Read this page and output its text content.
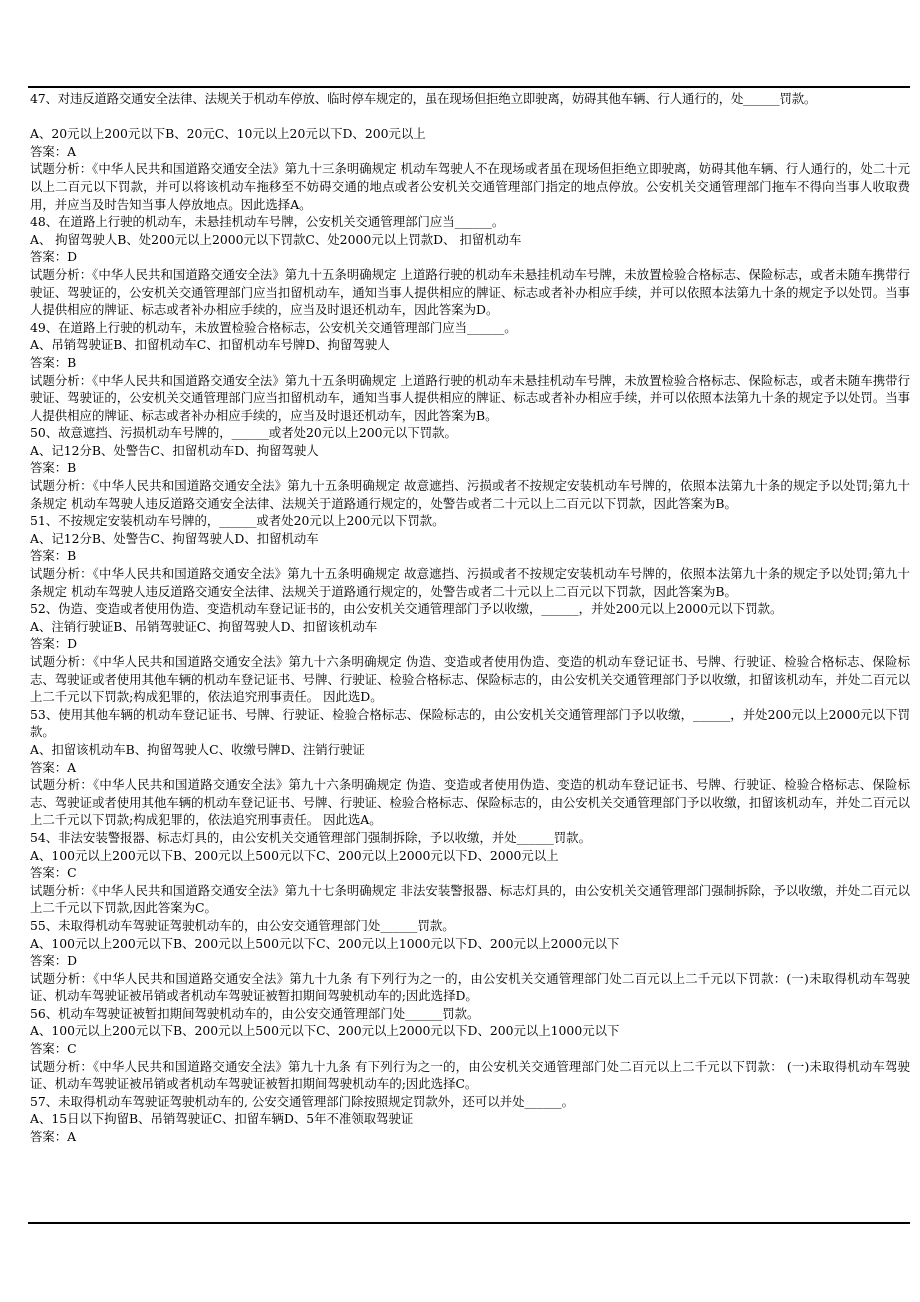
47、对违反道路交通安全法律、法规关于机动车停放、临时停车规定的，虽在现场但拒绝立即驶离，妨碍其他车辆、行人通行的，处______罚款。

A、20元以上200元以下B、20元C、10元以上20元以下D、200元以上

答案：A

试题分析：《中华人民共和国道路交通安全法》第九十三条明确规定 机动车驾驶人不在现场或者虽在现场但拒绝立即驶离，妨碍其他车辆、行人通行的，处二十元以上二百元以下罚款，并可以将该机动车拖移至不妨碍交通的地点或者公安机关交通管理部门指定的地点停放。公安机关交通管理部门拖车不得向当事人收取费用，并应当及时告知当事人停放地点。因此选择A。

48、在道路上行驶的机动车，未悬挂机动车号牌，公安机关交通管理部门应当______。

A、 拘留驾驶人B、处200元以上2000元以下罚款C、处2000元以上罚款D、 扣留机动车

答案：D

试题分析：《中华人民共和国道路交通安全法》第九十五条明确规定 上道路行驶的机动车未悬挂机动车号牌，未放置检验合格标志、保险标志，或者未随车携带行驶证、驾驶证的，公安机关交通管理部门应当扣留机动车，通知当事人提供相应的牌证、标志或者补办相应手续，并可以依照本法第九十条的规定予以处罚。当事人提供相应的牌证、标志或者补办相应手续的，应当及时退还机动车，因此答案为D。

49、在道路上行驶的机动车，未放置检验合格标志，公安机关交通管理部门应当______。

A、吊销驾驶证B、扣留机动车C、扣留机动车号牌D、拘留驾驶人

答案：B

试题分析：《中华人民共和国道路交通安全法》第九十五条明确规定 上道路行驶的机动车未悬挂机动车号牌，未放置检验合格标志、保险标志，或者未随车携带行驶证、驾驶证的，公安机关交通管理部门应当扣留机动车，通知当事人提供相应的牌证、标志或者补办相应手续，并可以依照本法第九十条的规定予以处罚。当事人提供相应的牌证、标志或者补办相应手续的，应当及时退还机动车，因此答案为B。

50、故意遮挡、污损机动车号牌的，______或者处20元以上200元以下罚款。

A、记12分B、处警告C、扣留机动车D、拘留驾驶人

答案：B

试题分析：《中华人民共和国道路交通安全法》第九十五条明确规定 故意遮挡、污损或者不按规定安装机动车号牌的，依照本法第九十条的规定予以处罚;第九十条规定 机动车驾驶人违反道路交通安全法律、法规关于道路通行规定的，处警告或者二十元以上二百元以下罚款，因此答案为B。

51、不按规定安装机动车号牌的，______或者处20元以上200元以下罚款。

A、记12分B、处警告C、拘留驾驶人D、扣留机动车

答案：B

试题分析：《中华人民共和国道路交通安全法》第九十五条明确规定 故意遮挡、污损或者不按规定安装机动车号牌的，依照本法第九十条的规定予以处罚;第九十条规定 机动车驾驶人违反道路交通安全法律、法规关于道路通行规定的，处警告或者二十元以上二百元以下罚款，因此答案为B。

52、伪造、变造或者使用伪造、变造机动车登记证书的，由公安机关交通管理部门予以收缴，______，并处200元以上2000元以下罚款。

A、注销行驶证B、吊销驾驶证C、拘留驾驶人D、扣留该机动车

答案：D

试题分析：《中华人民共和国道路交通安全法》第九十六条明确规定 伪造、变造或者使用伪造、变造的机动车登记证书、号牌、行驶证、检验合格标志、保险标志、驾驶证或者使用其他车辆的机动车登记证书、号牌、行驶证、检验合格标志、保险标志的，由公安机关交通管理部门予以收缴，扣留该机动车，并处二百元以上二千元以下罚款;构成犯罪的，依法追究刑事责任。 因此选D。

53、使用其他车辆的机动车登记证书、号牌、行驶证、检验合格标志、保险标志的，由公安机关交通管理部门予以收缴，______，并处200元以上2000元以下罚款。

A、扣留该机动车B、拘留驾驶人C、收缴号牌D、注销行驶证

答案：A

试题分析：《中华人民共和国道路交通安全法》第九十六条明确规定 伪造、变造或者使用伪造、变造的机动车登记证书、号牌、行驶证、检验合格标志、保险标志、驾驶证或者使用其他车辆的机动车登记证书、号牌、行驶证、检验合格标志、保险标志的，由公安机关交通管理部门予以收缴，扣留该机动车，并处二百元以上二千元以下罚款;构成犯罪的，依法追究刑事责任。 因此选A。

54、非法安装警报器、标志灯具的，由公安机关交通管理部门强制拆除，予以收缴，并处______罚款。

A、100元以上200元以下B、200元以上500元以下C、200元以上2000元以下D、2000元以上

答案：C

试题分析：《中华人民共和国道路交通安全法》第九十七条明确规定 非法安装警报器、标志灯具的，由公安机关交通管理部门强制拆除，予以收缴，并处二百元以上二千元以下罚款,因此答案为C。

55、未取得机动车驾驶证驾驶机动车的，由公安交通管理部门处______罚款。

A、100元以上200元以下B、200元以上500元以下C、200元以上1000元以下D、200元以上2000元以下

答案：D

试题分析：《中华人民共和国道路交通安全法》第九十九条 有下列行为之一的，由公安机关交通管理部门处二百元以上二千元以下罚款：(一)未取得机动车驾驶证、机动车驾驶证被吊销或者机动车驾驶证被暂扣期间驾驶机动车的;因此选择D。

56、机动车驾驶证被暂扣期间驾驶机动车的，由公安交通管理部门处______罚款。

A、100元以上200元以下B、200元以上500元以下C、200元以上2000元以下D、200元以上1000元以下

答案：C

试题分析：《中华人民共和国道路交通安全法》第九十九条 有下列行为之一的，由公安机关交通管理部门处二百元以上二千元以下罚款： (一)未取得机动车驾驶证、机动车驾驶证被吊销或者机动车驾驶证被暂扣期间驾驶机动车的;因此选择C。

57、未取得机动车驾驶证驾驶机动车的, 公安交通管理部门除按照规定罚款外，还可以并处______。

A、15日以下拘留B、吊销驾驶证C、扣留车辆D、5年不准领取驾驶证

答案：A
